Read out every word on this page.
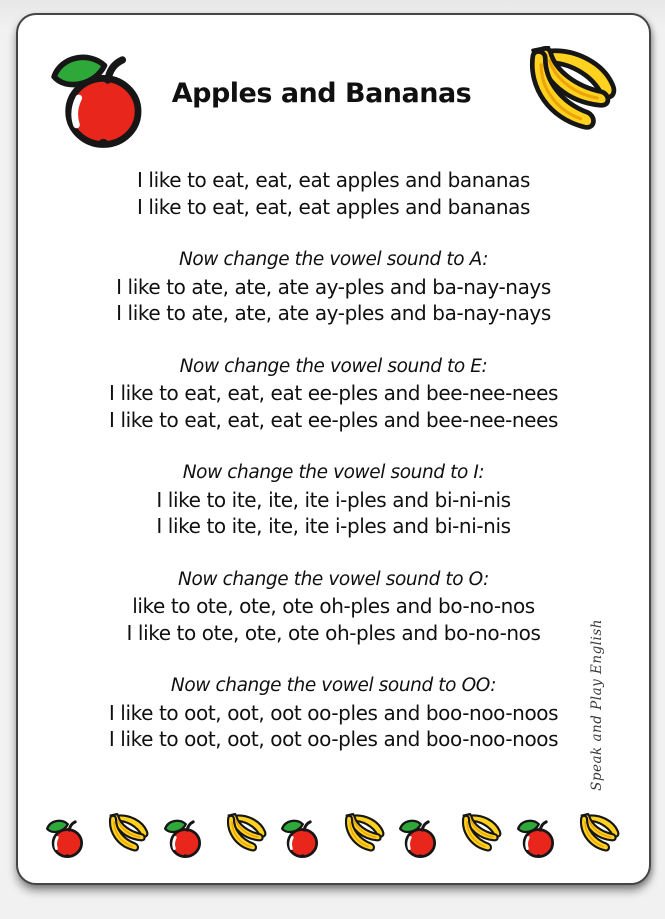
Apples and Bananas

I like to eat, eat, eat apples and bananas

I like to eat, eat, eat apples and bananas

Now change the vowel sound to A:

I like to ate, ate, ate ay-ples and ba-nay-nays

I like to ate, ate, ate ay-ples and ba-nay-nays

Now change the vowel sound to E:

I like to eat, eat, eat ee-ples and bee-nee-nees

I like to eat, eat, eat ee-ples and bee-nee-nees

Now change the vowel sound to I:

I like to ite, ite, ite i-ples and bi-ni-nis

I like to ite, ite, ite i-ples and bi-ni-nis

Now change the vowel sound to O:

like to ote, ote, ote oh-ples and bo-no-nos

I like to ote, ote, ote oh-ples and bo-no-nos

Now change the vowel sound to OO:

I like to oot, oot, oot oo-ples and boo-noo-noos

I like to oot, oot, oot oo-ples and boo-noo-noos	Speak and Play English
